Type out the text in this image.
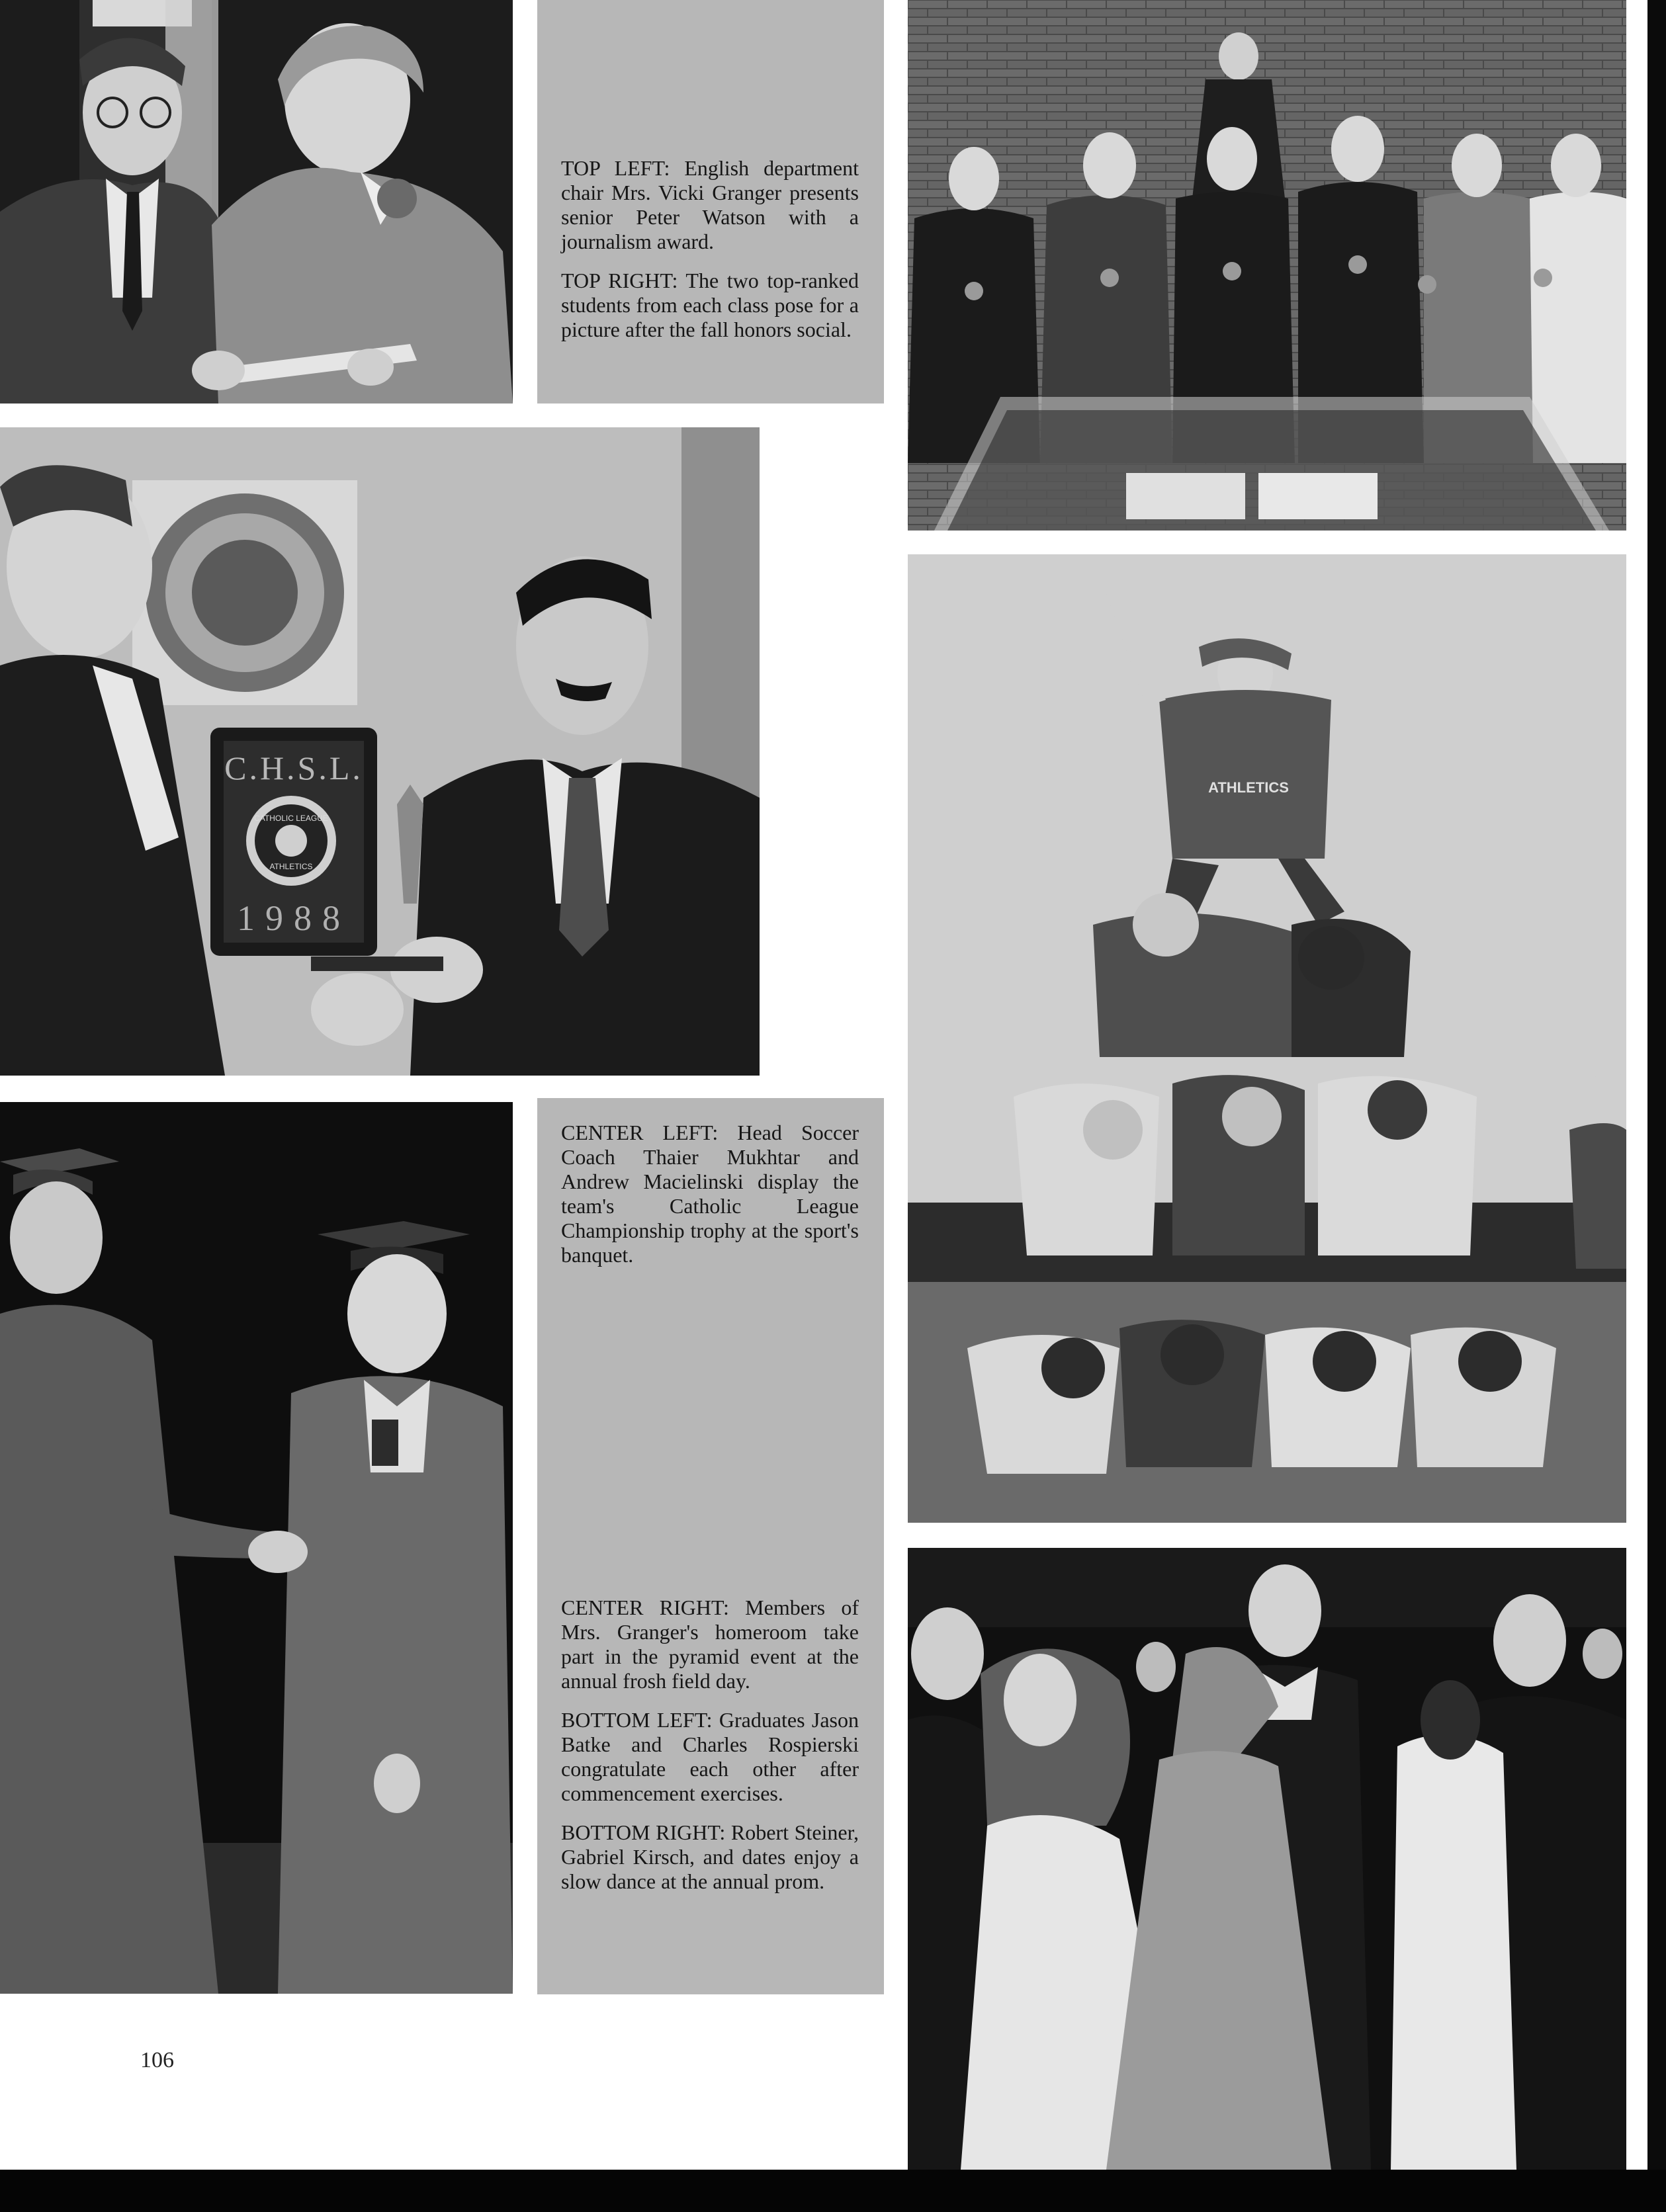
TOP LEFT: English department chair Mrs. Vicki Granger presents senior Peter Watson with a journalism award.

TOP RIGHT: The two top-ranked students from each class pose for a picture after the fall honors social.

C.H.S.L.
CATHOLIC LEAGUE
ATHLETICS
1988

CENTER LEFT: Head Soccer Coach Thaier Mukhtar and Andrew Macielinski display the team's Catholic League Championship trophy at the sport's banquet.

CENTER RIGHT: Members of Mrs. Granger's homeroom take part in the pyramid event at the annual frosh field day.

BOTTOM LEFT: Graduates Jason Batke and Charles Rospierski congratulate each other after commencement exercises.

BOTTOM RIGHT: Robert Steiner, Gabriel Kirsch, and dates enjoy a slow dance at the annual prom.

ATHLETICS
106
